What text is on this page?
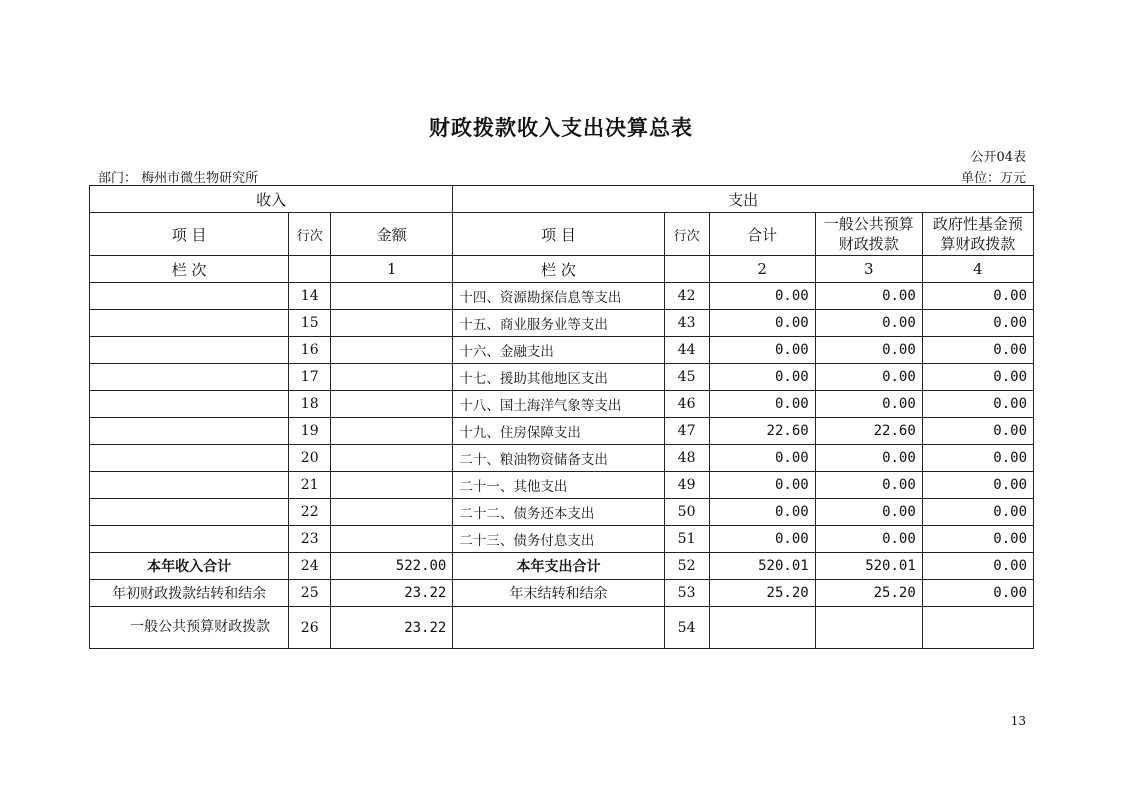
财政拨款收入支出决算总表
公开04表
部门： 梅州市微生物研究所	单位：万元
收入			支出				
项 目	行次	金额	项 目	行次	合计	一般公共预算财政拨款	政府性基金预算财政拨款
栏 次		1	栏 次		2	3	4
	14		十四、资源勘探信息等支出	42	0.00	0.00	0.00
	15		十五、商业服务业等支出	43	0.00	0.00	0.00
	16		十六、金融支出	44	0.00	0.00	0.00
	17		十七、援助其他地区支出	45	0.00	0.00	0.00
	18		十八、国土海洋气象等支出	46	0.00	0.00	0.00
	19		十九、住房保障支出	47	22.60	22.60	0.00
	20		二十、粮油物资储备支出	48	0.00	0.00	0.00
	21		二十一、其他支出	49	0.00	0.00	0.00
	22		二十二、债务还本支出	50	0.00	0.00	0.00
	23		二十三、债务付息支出	51	0.00	0.00	0.00
本年收入合计	24	522.00	本年支出合计	52	520.01	520.01	0.00
年初财政拨款结转和结余	25	23.22	年末结转和结余	53	25.20	25.20	0.00
一般公共预算财政拨款	26	23.22		54			
13
